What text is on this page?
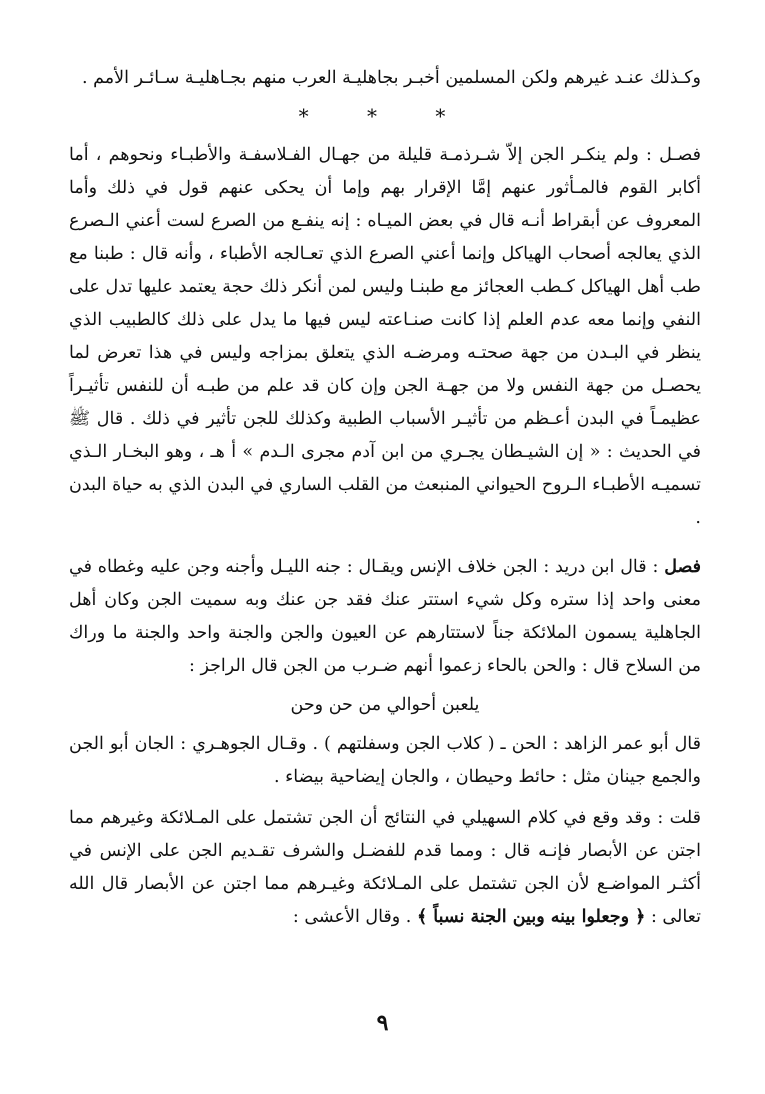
وكـذلك عنـد غيرهم ولكن المسلمين أخبـر بجاهليـة العرب منهم بجـاهليـة سـائـر الأمم .

* * *

فصـل : ولم ينكـر الجن إلاّ شـرذمـة قليلة من جهـال الفـلاسفـة والأطبـاء ونحوهم ، أما أكابر القوم فالمـأثور عنهم إمَّا الإقرار بهم وإما أن يحكى عنهم قول في ذلك وأما المعروف عن أبقراط أنـه قال في بعض الميـاه : إنه ينفـع من الصرع لست أعني الـصرع الذي يعالجه أصحاب الهياكل وإنما أعني الصرع الذي تعـالجه الأطباء ، وأنه قال : طبنا مع طب أهل الهياكل كـطب العجائز مع طبنـا وليس لمن أنكر ذلك حجة يعتمد عليها تدل على النفي وإنما معه عدم العلم إذا كانت صنـاعته ليس فيها ما يدل على ذلك كالطبيب الذي ينظر في البـدن من جهة صحتـه ومرضـه الذي يتعلق بمزاجه وليس في هذا تعرض لما يحصـل من جهة النفس ولا من جهـة الجن وإن كان قد علم من طبـه أن للنفس تأثيـراً عظيمـاً في البدن أعـظم من تأثيـر الأسباب الطبية وكذلك للجن تأثير في ذلك . قال ﷺ في الحديث : « إن الشيـطان يجـري من ابن آدم مجرى الـدم » أ هـ ، وهو البخـار الـذي تسميـه الأطبـاء الـروح الحيواني المنبعث من القلب الساري في البدن الذي به حياة البدن .

فصل : قال ابن دريد : الجن خلاف الإنس ويقـال : جنه الليـل وأجنه وجن عليه وغطاه في معنى واحد إذا ستره وكل شيء استتر عنك فقد جن عنك وبه سميت الجن وكان أهل الجاهلية يسمون الملائكة جناً لاستتارهم عن العيون والجن والجنة واحد والجنة ما وراك من السلاح قال : والحن بالحاء زعموا أنهم ضـرب من الجن قال الراجز :

يلعبن أحوالي من حن وحن

قال أبو عمر الزاهد : الحن ـ ( كلاب الجن وسفلتهم ) . وقـال الجوهـري : الجان أبو الجن والجمع جينان مثل : حائط وحيطان ، والجان إيضاحية بيضاء .

قلت : وقد وقع في كلام السهيلي في النتائج أن الجن تشتمل على المـلائكة وغيرهم مما اجتن عن الأبصار فإنـه قال : ومما قدم للفضـل والشرف تقـديم الجن على الإنس في أكثـر المواضـع لأن الجن تشتمل على المـلائكة وغيـرهم مما اجتن عن الأبصار قال الله تعالى : ﴿ وجعلوا بينه وبين الجنة نسباً ﴾ . وقال الأعشى :

٩
